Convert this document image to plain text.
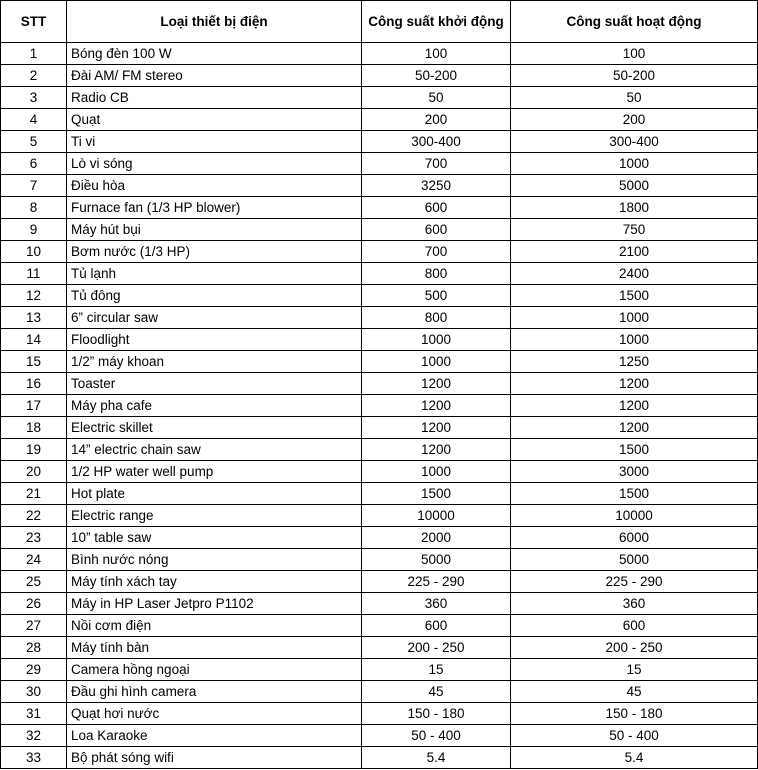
STT	Loại thiết bị điện	Công suất khởi động	Công suất hoạt động
1	Bóng đèn 100 W	100	100
2	Đài AM/ FM stereo	50-200	50-200
3	Radio CB	50	50
4	Quạt	200	200
5	Ti vi	300-400	300-400
6	Lò vi sóng	700	1000
7	Điều hòa	3250	5000
8	Furnace fan (1/3 HP blower)	600	1800
9	Máy hút bụi	600	750
10	Bơm nước (1/3 HP)	700	2100
11	Tủ lạnh	800	2400
12	Tủ đông	500	1500
13	6” circular saw	800	1000
14	Floodlight	1000	1000
15	1/2” máy khoan	1000	1250
16	Toaster	1200	1200
17	Máy pha cafe	1200	1200
18	Electric skillet	1200	1200
19	14” electric chain saw	1200	1500
20	1/2 HP water well pump	1000	3000
21	Hot plate	1500	1500
22	Electric range	10000	10000
23	10” table saw	2000	6000
24	Bình nước nóng	5000	5000
25	Máy tính xách tay	225 - 290	225 - 290
26	Máy in HP Laser Jetpro P1102	360	360
27	Nồi cơm điện	600	600
28	Máy tính bàn	200 - 250	200 - 250
29	Camera hồng ngoại	15	15
30	Đầu ghi hình camera	45	45
31	Quạt hơi nước	150 - 180	150 - 180
32	Loa Karaoke	50 - 400	50 - 400
33	Bộ phát sóng wifi	5.4	5.4
